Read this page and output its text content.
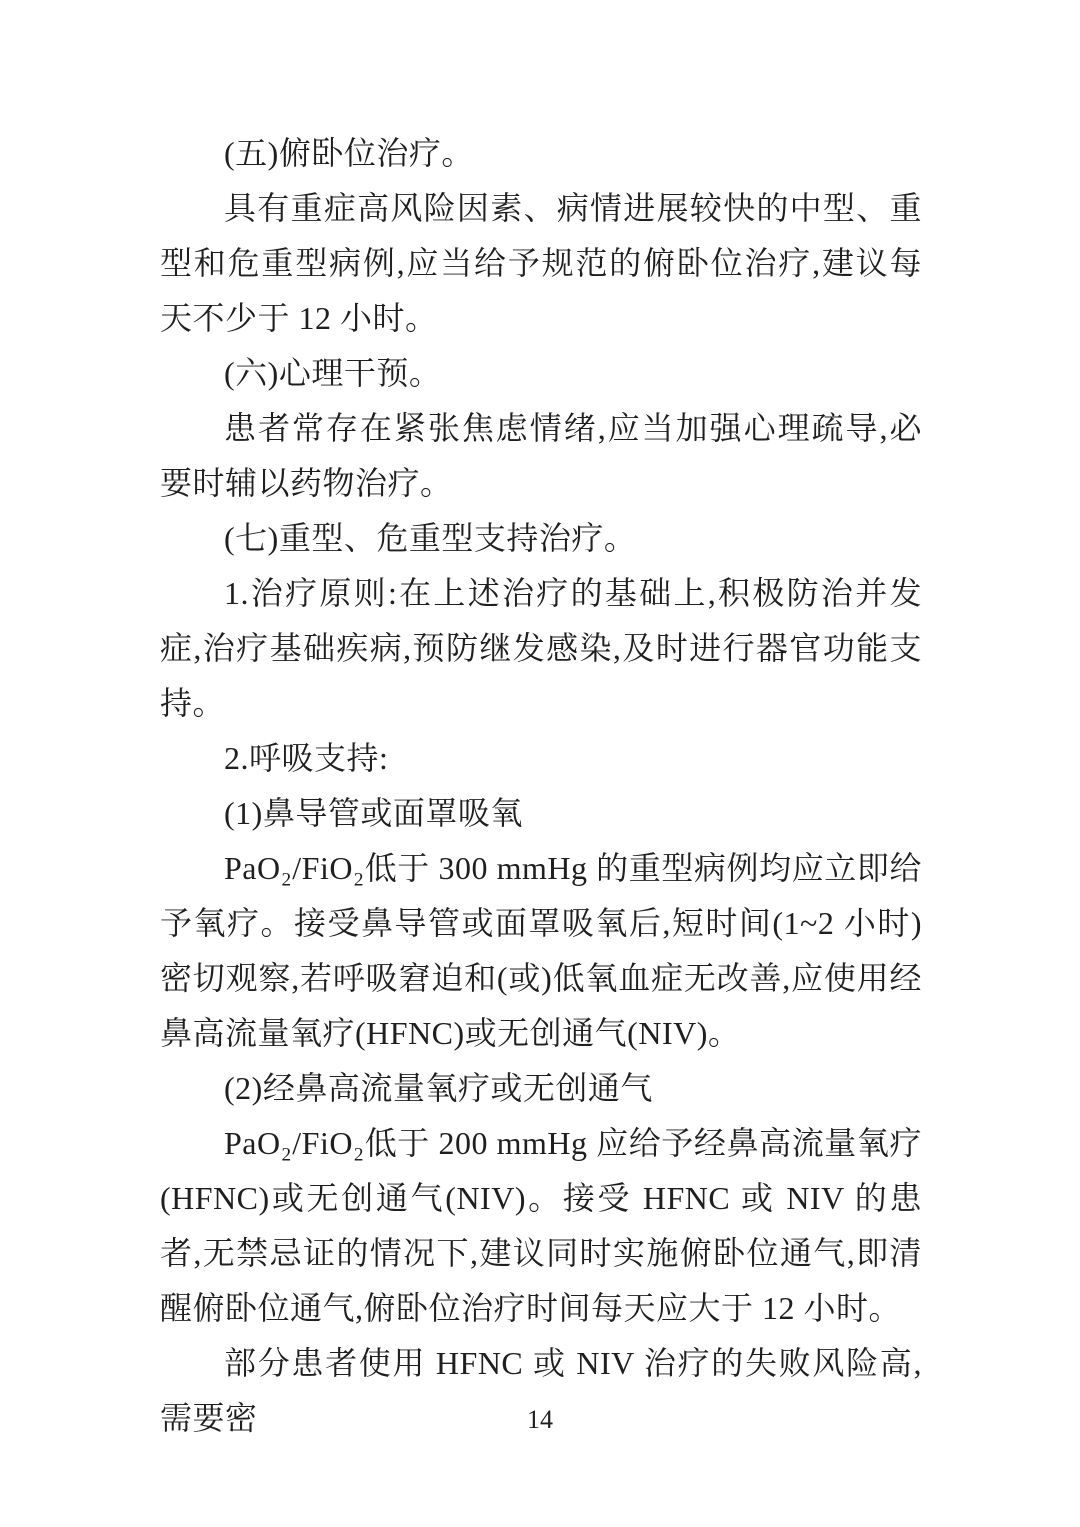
(五)俯卧位治疗。

具有重症高风险因素、病情进展较快的中型、重型和危重型病例,应当给予规范的俯卧位治疗,建议每天不少于 12 小时。

(六)心理干预。

患者常存在紧张焦虑情绪,应当加强心理疏导,必要时辅以药物治疗。

(七)重型、危重型支持治疗。

1.治疗原则:在上述治疗的基础上,积极防治并发症,治疗基础疾病,预防继发感染,及时进行器官功能支持。

2.呼吸支持:

(1)鼻导管或面罩吸氧

PaO₂/FiO₂低于 300 mmHg 的重型病例均应立即给予氧疗。接受鼻导管或面罩吸氧后,短时间(1~2 小时)密切观察,若呼吸窘迫和(或)低氧血症无改善,应使用经鼻高流量氧疗(HFNC)或无创通气(NIV)。

(2)经鼻高流量氧疗或无创通气

PaO₂/FiO₂低于 200 mmHg 应给予经鼻高流量氧疗(HFNC)或无创通气(NIV)。接受 HFNC 或 NIV 的患者,无禁忌证的情况下,建议同时实施俯卧位通气,即清醒俯卧位通气,俯卧位治疗时间每天应大于 12 小时。

部分患者使用 HFNC 或 NIV 治疗的失败风险高,需要密	14
